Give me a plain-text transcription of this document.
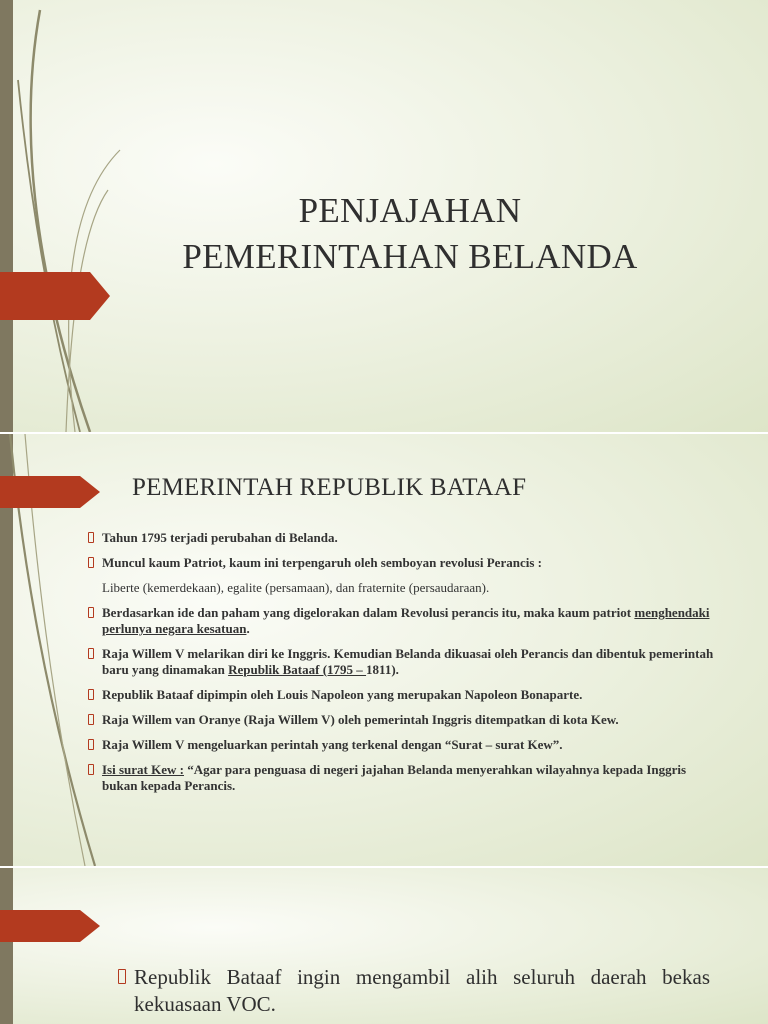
PENJAJAHAN
PEMERINTAHAN BELANDA
PEMERINTAH REPUBLIK BATAAF
Tahun 1795 terjadi perubahan di Belanda.
Muncul kaum Patriot, kaum ini terpengaruh oleh semboyan revolusi Perancis :
Liberte (kemerdekaan), egalite (persamaan), dan fraternite (persaudaraan).
Berdasarkan ide dan paham yang digelorakan dalam Revolusi perancis itu, maka kaum patriot menghendaki perlunya negara kesatuan.
Raja Willem V melarikan diri ke Inggris. Kemudian Belanda dikuasai oleh Perancis dan dibentuk pemerintah baru yang dinamakan Republik Bataaf (1795 – 1811).
Republik Bataaf dipimpin oleh Louis Napoleon yang merupakan Napoleon Bonaparte.
Raja Willem van Oranye (Raja Willem V) oleh pemerintah Inggris ditempatkan di kota Kew.
Raja Willem V mengeluarkan perintah yang terkenal dengan “Surat – surat Kew”.
Isi surat Kew : “Agar para penguasa di negeri jajahan Belanda menyerahkan wilayahnya kepada Inggris bukan kepada Perancis.
Republik Bataaf ingin mengambil alih seluruh daerah bekas kekuasaan VOC.
